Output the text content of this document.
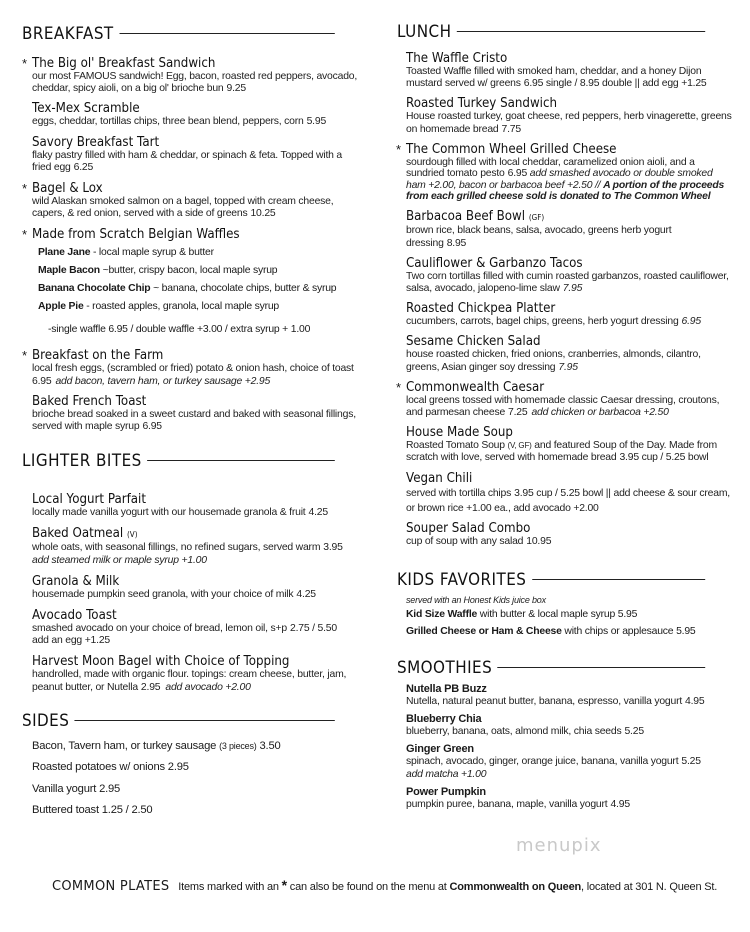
BREAKFAST
* The Big ol' Breakfast Sandwich
our most FAMOUS sandwich! Egg, bacon, roasted red peppers, avocado, cheddar, spicy aioli, on a big ol' brioche bun 9.25
Tex-Mex Scramble
eggs, cheddar, tortillas chips, three bean blend, peppers, corn 5.95
Savory Breakfast Tart
flaky pastry filled with ham & cheddar, or spinach & feta. Topped with a fried egg 6.25
* Bagel & Lox
wild Alaskan smoked salmon on a bagel, topped with cream cheese, capers, & red onion, served with a side of greens 10.25
* Made from Scratch Belgian Waffles
Plane Jane - local maple syrup & butter
Maple Bacon ~butter, crispy bacon, local maple syrup
Banana Chocolate Chip ~ banana, chocolate chips, butter & syrup
Apple Pie - roasted apples, granola, local maple syrup
-single waffle 6.95 / double waffle +3.00 / extra syrup + 1.00
* Breakfast on the Farm
local fresh eggs, (scrambled or fried) potato & onion hash, choice of toast
6.95 add bacon, tavern ham, or turkey sausage +2.95
Baked French Toast
brioche bread soaked in a sweet custard and baked with seasonal fillings, served with maple syrup 6.95
LIGHTER BITES
Local Yogurt Parfait
locally made vanilla yogurt with our housemade granola & fruit 4.25
Baked Oatmeal (V)
whole oats, with seasonal fillings, no refined sugars, served warm 3.95
add steamed milk or maple syrup +1.00
Granola & Milk
housemade pumpkin seed granola, with your choice of milk 4.25
Avocado Toast
smashed avocado on your choice of bread, lemon oil, s+p 2.75 / 5.50
add an egg +1.25
Harvest Moon Bagel with Choice of Topping
handrolled, made with organic flour. topings: cream cheese, butter, jam, peanut butter, or Nutella 2.95 add avocado +2.00
SIDES
Bacon, Tavern ham, or turkey sausage (3 pieces) 3.50
Roasted potatoes w/ onions 2.95
Vanilla yogurt 2.95
Buttered toast 1.25 / 2.50
LUNCH
The Waffle Cristo
Toasted Waffle filled with smoked ham, cheddar, and a honey Dijon mustard served w/ greens 6.95 single / 8.95 double || add egg +1.25
Roasted Turkey Sandwich
House roasted turkey, goat cheese, red peppers, herb vinagerette, greens on homemade bread 7.75
* The Common Wheel Grilled Cheese
sourdough filled with local cheddar, caramelized onion aioli, and a sundried tomato pesto 6.95 add smashed avocado or double smoked ham +2.00, bacon or barbacoa beef +2.50 // A portion of the proceeds from each grilled cheese sold is donated to The Common Wheel
Barbacoa Beef Bowl (GF)
brown rice, black beans, salsa, avocado, greens herb yogurt dressing 8.95
Cauliflower & Garbanzo Tacos
Two corn tortillas filled with cumin roasted garbanzos, roasted cauliflower, salsa, avocado, jalopeno-lime slaw 7.95
Roasted Chickpea Platter
cucumbers, carrots, bagel chips, greens, herb yogurt dressing 6.95
Sesame Chicken Salad
house roasted chicken, fried onions, cranberries, almonds, cilantro, greens, Asian ginger soy dressing 7.95
* Commonwealth Caesar
local greens tossed with homemade classic Caesar dressing, croutons, and parmesan cheese 7.25 add chicken or barbacoa +2.50
House Made Soup
Roasted Tomato Soup (V, GF) and featured Soup of the Day. Made from scratch with love, served with homemade bread 3.95 cup / 5.25 bowl
Vegan Chili
served with tortilla chips 3.95 cup / 5.25 bowl || add cheese & sour cream, or brown rice +1.00 ea., add avocado +2.00
Souper Salad Combo
cup of soup with any salad 10.95
KIDS FAVORITES
served with an Honest Kids juice box
Kid Size Waffle with butter & local maple syrup 5.95
Grilled Cheese or Ham & Cheese with chips or applesauce 5.95
SMOOTHIES
Nutella PB Buzz
Nutella, natural peanut butter, banana, espresso, vanilla yogurt 4.95
Blueberry Chia
blueberry, banana, oats, almond milk, chia seeds 5.25
Ginger Green
spinach, avocado, ginger, orange juice, banana, vanilla yogurt 5.25
add matcha +1.00
Power Pumpkin
pumpkin puree, banana, maple, vanilla yogurt 4.95
menupix
COMMON PLATES Items marked with an * can also be found on the menu at Commonwealth on Queen, located at 301 N. Queen St.
